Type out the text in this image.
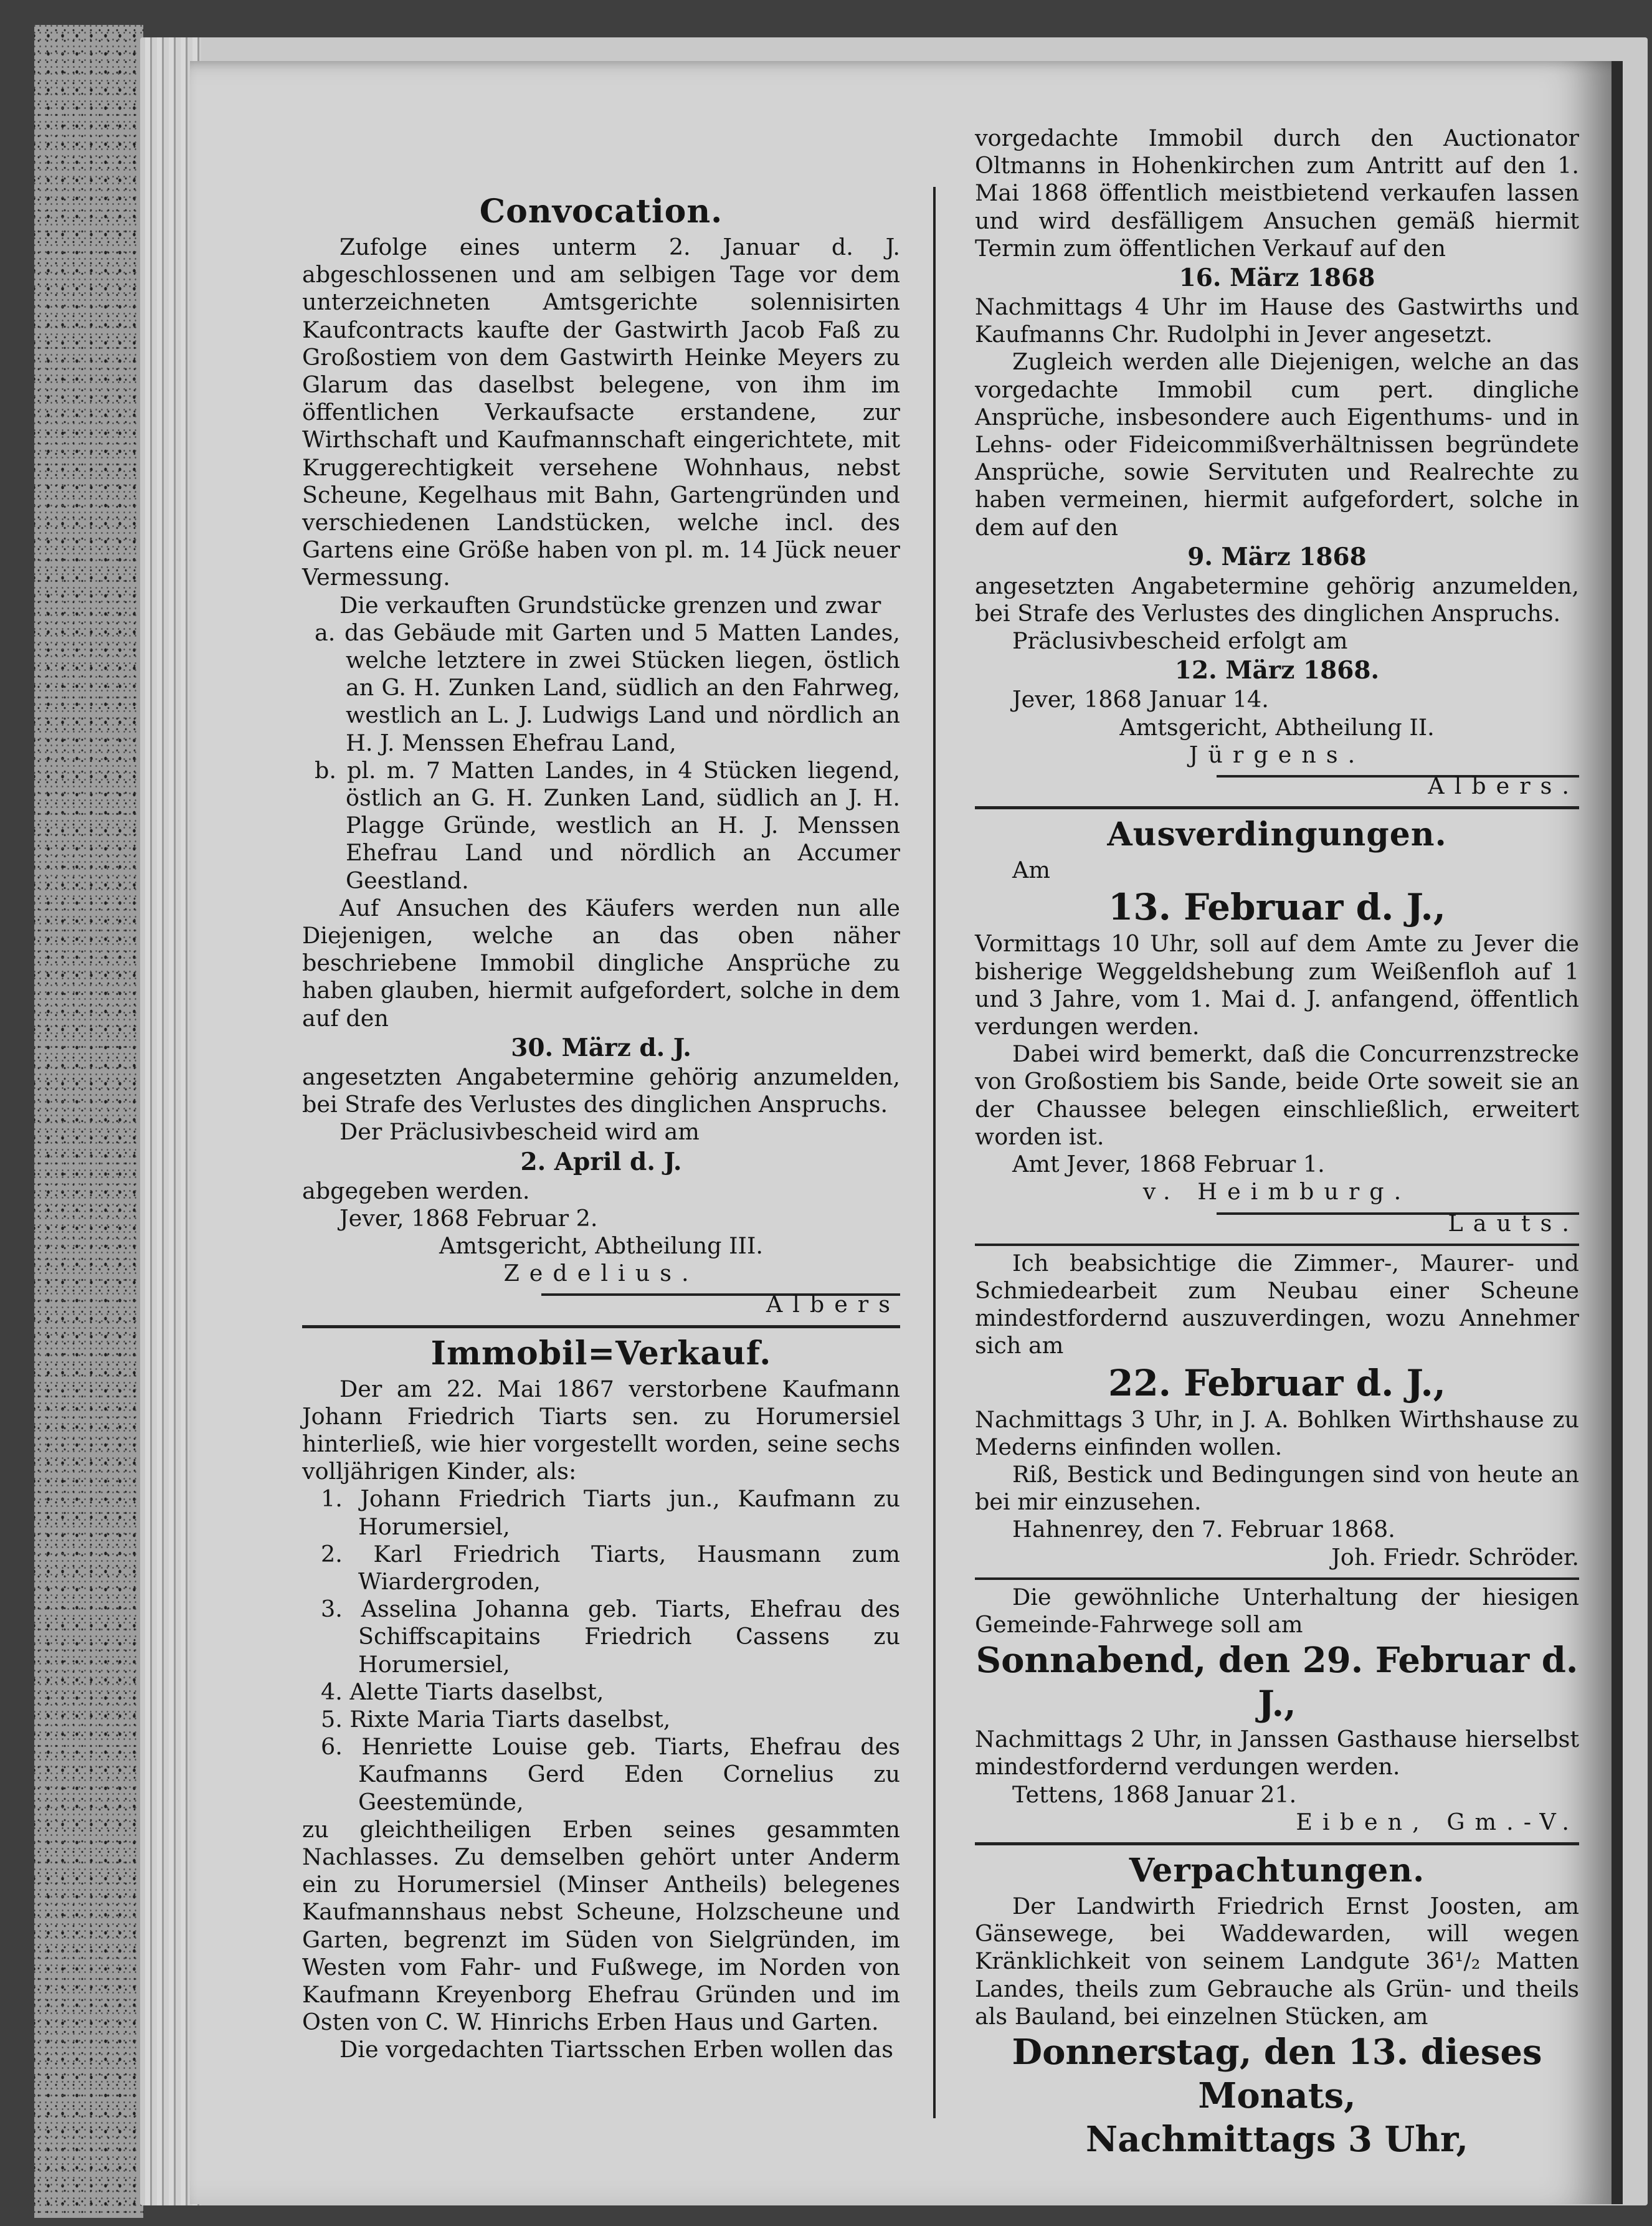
Convocation.

Zufolge eines unterm 2. Januar d. J. abgeschlossenen und am selbigen Tage vor dem unterzeichneten Amtsgerichte solennisirten Kaufcontracts kaufte der Gastwirth Jacob Faß zu Großostiem von dem Gastwirth Heinke Meyers zu Glarum das daselbst belegene, von ihm im öffentlichen Verkaufsacte erstandene, zur Wirthschaft und Kaufmannschaft eingerichtete, mit Kruggerechtigkeit versehene Wohnhaus, nebst Scheune, Kegelhaus mit Bahn, Gartengründen und verschiedenen Landstücken, welche incl. des Gartens eine Größe haben von pl. m. 14 Jück neuer Vermessung.

Die verkauften Grundstücke grenzen und zwar

a. das Gebäude mit Garten und 5 Matten Landes, welche letztere in zwei Stücken liegen, östlich an G. H. Zunken Land, südlich an den Fahrweg, westlich an L. J. Ludwigs Land und nördlich an H. J. Menssen Ehefrau Land,

b. pl. m. 7 Matten Landes, in 4 Stücken liegend, östlich an G. H. Zunken Land, südlich an J. H. Plagge Gründe, westlich an H. J. Menssen Ehefrau Land und nördlich an Accumer Geestland.

Auf Ansuchen des Käufers werden nun alle Diejenigen, welche an das oben näher beschriebene Immobil dingliche Ansprüche zu haben glauben, hiermit aufgefordert, solche in dem auf den

30. März d. J.

angesetzten Angabetermine gehörig anzumelden, bei Strafe des Verlustes des dinglichen Anspruchs.

Der Präclusivbescheid wird am

2. April d. J.

abgegeben werden.

Jever, 1868 Februar 2.

Amtsgericht, Abtheilung III.

Zedelius.

Albers

Immobil=Verkauf.

Der am 22. Mai 1867 verstorbene Kaufmann Johann Friedrich Tiarts sen. zu Horumersiel hinterließ, wie hier vorgestellt worden, seine sechs volljährigen Kinder, als:

1. Johann Friedrich Tiarts jun., Kaufmann zu Horumersiel,

2. Karl Friedrich Tiarts, Hausmann zum Wiardergroden,

3. Asselina Johanna geb. Tiarts, Ehefrau des Schiffscapitains Friedrich Cassens zu Horumersiel,

4. Alette Tiarts daselbst,

5. Rixte Maria Tiarts daselbst,

6. Henriette Louise geb. Tiarts, Ehefrau des Kaufmanns Gerd Eden Cornelius zu Geestemünde,

zu gleichtheiligen Erben seines gesammten Nachlasses. Zu demselben gehört unter Anderm ein zu Horumersiel (Minser Antheils) belegenes Kaufmannshaus nebst Scheune, Holzscheune und Garten, begrenzt im Süden von Sielgründen, im Westen vom Fahr- und Fußwege, im Norden von Kaufmann Kreyenborg Ehefrau Gründen und im Osten von C. W. Hinrichs Erben Haus und Garten.

Die vorgedachten Tiartsschen Erben wollen das

vorgedachte Immobil durch den Auctionator Oltmanns in Hohenkirchen zum Antritt auf den 1. Mai 1868 öffentlich meistbietend verkaufen lassen und wird desfälligem Ansuchen gemäß hiermit Termin zum öffentlichen Verkauf auf den

16. März 1868

Nachmittags 4 Uhr im Hause des Gastwirths und Kaufmanns Chr. Rudolphi in Jever angesetzt.

Zugleich werden alle Diejenigen, welche an das vorgedachte Immobil cum pert. dingliche Ansprüche, insbesondere auch Eigenthums- und in Lehns- oder Fideicommißverhältnissen begründete Ansprüche, sowie Servituten und Realrechte zu haben vermeinen, hiermit aufgefordert, solche in dem auf den

9. März 1868

angesetzten Angabetermine gehörig anzumelden, bei Strafe des Verlustes des dinglichen Anspruchs.

Präclusivbescheid erfolgt am

12. März 1868.

Jever, 1868 Januar 14.

Amtsgericht, Abtheilung II.

Jürgens.

Albers.

Ausverdingungen.

Am

13. Februar d. J.,

Vormittags 10 Uhr, soll auf dem Amte zu Jever die bisherige Weggeldshebung zum Weißenfloh auf 1 und 3 Jahre, vom 1. Mai d. J. anfangend, öffentlich verdungen werden.

Dabei wird bemerkt, daß die Concurrenzstrecke von Großostiem bis Sande, beide Orte soweit sie an der Chaussee belegen einschließlich, erweitert worden ist.

Amt Jever, 1868 Februar 1.

v. Heimburg.

Lauts.

Ich beabsichtige die Zimmer-, Maurer- und Schmiedearbeit zum Neubau einer Scheune mindestfordernd auszuverdingen, wozu Annehmer sich am

22. Februar d. J.,

Nachmittags 3 Uhr, in J. A. Bohlken Wirthshause zu Mederns einfinden wollen.

Riß, Bestick und Bedingungen sind von heute an bei mir einzusehen.

Hahnenrey, den 7. Februar 1868.

Joh. Friedr. Schröder.

Die gewöhnliche Unterhaltung der hiesigen Gemeinde-Fahrwege soll am

Sonnabend, den 29. Februar d. J.,

Nachmittags 2 Uhr, in Janssen Gasthause hierselbst mindestfordernd verdungen werden.

Tettens, 1868 Januar 21.

Eiben, Gm.-V.

Verpachtungen.

Der Landwirth Friedrich Ernst Joosten, am Gänsewege, bei Waddewarden, will wegen Kränklichkeit von seinem Landgute 36¹/₂ Matten Landes, theils zum Gebrauche als Grün- und theils als Bauland, bei einzelnen Stücken, am

Donnerstag, den 13. dieses Monats,

Nachmittags 3 Uhr,
